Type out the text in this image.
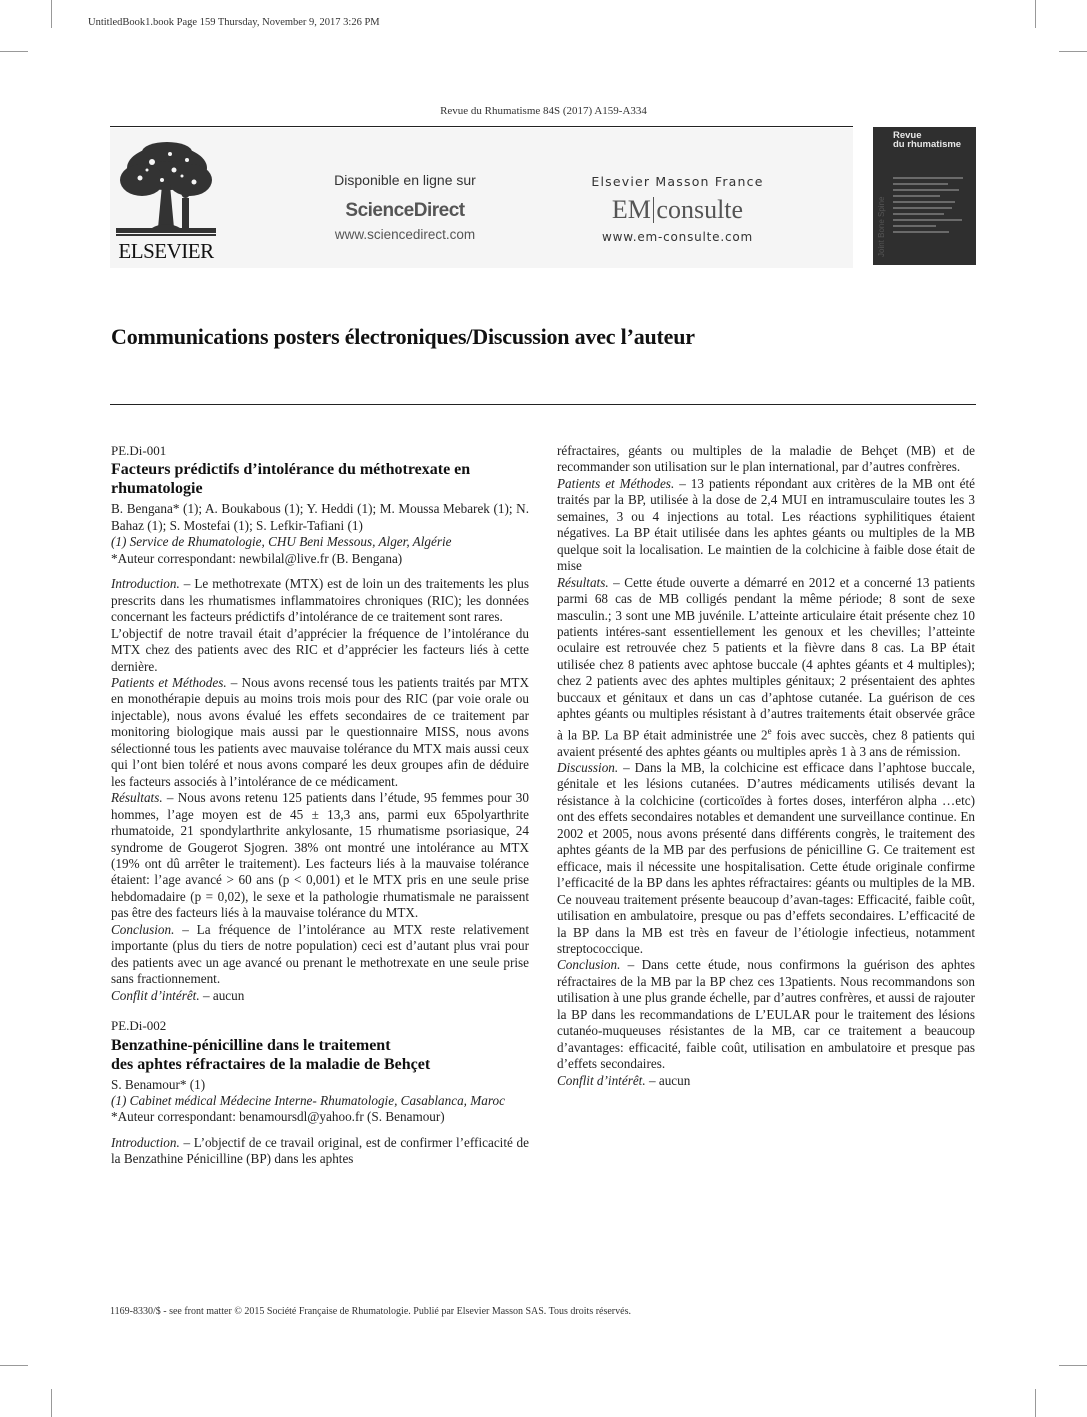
UntitledBook1.book Page 159 Thursday, November 9, 2017 3:26 PM
Revue du Rhumatisme 84S (2017) A159-A334
ELSEVIER
Disponible en ligne sur
ScienceDirect
www.sciencedirect.com
Elsevier Masson France
EM consulte
www.em-consulte.com
Revue
du rhumatisme
Joint Bone Spine
Communications posters électroniques/Discussion avec l’auteur
PE.Di-001
Facteurs prédictifs d’intolérance du méthotrexate en rhumatologie

B. Bengana* (1); A. Boukabous (1); Y. Heddi (1); M. Moussa Mebarek (1); N. Bahaz (1); S. Mostefai (1); S. Lefkir-Tafiani (1)

(1) Service de Rhumatologie, CHU Beni Messous, Alger, Algérie

*Auteur correspondant: newbilal@live.fr (B. Bengana)

Introduction. – Le methotrexate (MTX) est de loin un des traitements les plus prescrits dans les rhumatismes inflammatoires chroniques (RIC); les données concernant les facteurs prédictifs d’intolérance de ce traitement sont rares.

L’objectif de notre travail était d’apprécier la fréquence de l’intolérance du MTX chez des patients avec des RIC et d’apprécier les facteurs liés à cette dernière.

Patients et Méthodes. – Nous avons recensé tous les patients traités par MTX en monothérapie depuis au moins trois mois pour des RIC (par voie orale ou injectable), nous avons évalué les effets secondaires de ce traitement par monitoring biologique mais aussi par le questionnaire MISS, nous avons sélectionné tous les patients avec mauvaise tolérance du MTX mais aussi ceux qui l’ont bien toléré et nous avons comparé les deux groupes afin de déduire les facteurs associés à l’intolérance de ce médicament.

Résultats. – Nous avons retenu 125 patients dans l’étude, 95 femmes pour 30 hommes, l’age moyen est de 45 ± 13,3 ans, parmi eux 65polyarthrite rhumatoide, 21 spondylarthrite ankylosante, 15 rhumatisme psoriasique, 24 syndrome de Gougerot Sjogren. 38% ont montré une intolérance au MTX (19% ont dû arrêter le traitement). Les facteurs liés à la mauvaise tolérance étaient: l’age avancé > 60 ans (p < 0,001) et le MTX pris en une seule prise hebdomadaire (p = 0,02), le sexe et la pathologie rhumatismale ne paraissent pas être des facteurs liés à la mauvaise tolérance du MTX.

Conclusion. – La fréquence de l’intolérance au MTX reste relativement importante (plus du tiers de notre population) ceci est d’autant plus vrai pour des patients avec un age avancé ou prenant le methotrexate en une seule prise sans fractionnement.

Conflit d’intérêt. – aucun

PE.Di-002
Benzathine-pénicilline dans le traitement
des aphtes réfractaires de la maladie de Behçet

S. Benamour* (1)

(1) Cabinet médical Médecine Interne- Rhumatologie, Casablanca, Maroc

*Auteur correspondant: benamoursdl@yahoo.fr (S. Benamour)

Introduction. – L’objectif de ce travail original, est de confirmer l’efficacité de la Benzathine Pénicilline (BP) dans les aphtes

réfractaires, géants ou multiples de la maladie de Behçet (MB) et de recommander son utilisation sur le plan international, par d’autres confrères.

Patients et Méthodes. – 13 patients répondant aux critères de la MB ont été traités par la BP, utilisée à la dose de 2,4 MUI en intramusculaire toutes les 3 semaines, 3 ou 4 injections au total. Les réactions syphilitiques étaient négatives. La BP était utilisée dans les aphtes géants ou multiples de la MB quelque soit la localisation. Le maintien de la colchicine à faible dose était de mise

Résultats. – Cette étude ouverte a démarré en 2012 et a concerné 13 patients parmi 68 cas de MB colligés pendant la même période; 8 sont de sexe masculin.; 3 sont une MB juvénile. L’atteinte articulaire était présente chez 10 patients intéres-sant essentiellement les genoux et les chevilles; l’atteinte oculaire est retrouvée chez 5 patients et la fièvre dans 8 cas. La BP était utilisée chez 8 patients avec aphtose buccale (4 aphtes géants et 4 multiples); chez 2 patients avec des aphtes multiples génitaux; 2 présentaient des aphtes buccaux et génitaux et dans un cas d’aphtose cutanée. La guérison de ces aphtes géants ou multiples résistant à d’autres traitements était observée grâce à la BP. La BP était administrée une 2e fois avec succès, chez 8 patients qui avaient présenté des aphtes géants ou multiples après 1 à 3 ans de rémission.

Discussion. – Dans la MB, la colchicine est efficace dans l’aphtose buccale, génitale et les lésions cutanées. D’autres médicaments utilisés devant la résistance à la colchicine (corticoïdes à fortes doses, interféron alpha …etc) ont des effets secondaires notables et demandent une surveillance continue. En 2002 et 2005, nous avons présenté dans différents congrès, le traitement des aphtes géants de la MB par des perfusions de pénicilline G. Ce traitement est efficace, mais il nécessite une hospitalisation. Cette étude originale confirme l’efficacité de la BP dans les aphtes réfractaires: géants ou multiples de la MB. Ce nouveau traitement présente beaucoup d’avan-tages: Efficacité, faible coût, utilisation en ambulatoire, presque ou pas d’effets secondaires. L’efficacité de la BP dans la MB est très en faveur de l’étiologie infectieus, notamment streptococcique.

Conclusion. – Dans cette étude, nous confirmons la guérison des aphtes réfractaires de la MB par la BP chez ces 13patients. Nous recommandons son utilisation à une plus grande échelle, par d’autres confrères, et aussi de rajouter la BP dans les recommandations de L’EULAR pour le traitement des lésions cutanéo-muqueuses résistantes de la MB, car ce traitement a beaucoup d’avantages: efficacité, faible coût, utilisation en ambulatoire et presque pas d’effets secondaires.

Conflit d’intérêt. – aucun

1169-8330/$ - see front matter © 2015 Société Française de Rhumatologie. Publié par Elsevier Masson SAS. Tous droits réservés.
